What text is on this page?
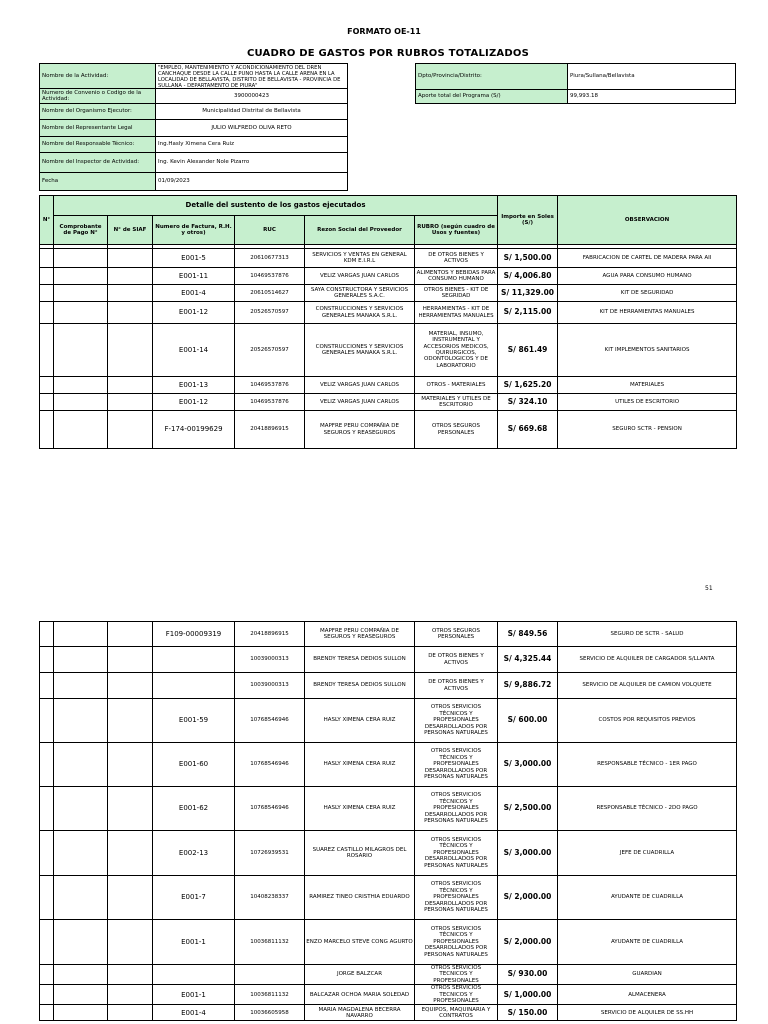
FORMATO OE-11
CUADRO DE GASTOS POR RUBROS TOTALIZADOS
Nombre de la Actividad:
"EMPLEO, MANTENIMIENTO Y ACONDICIONAMIENTO DEL DREN CANCHAQUE DESDE LA CALLE PUNO HASTA LA CALLE ARENA EN LA LOCALIDAD DE BELLAVISTA, DISTRITO DE BELLAVISTA - PROVINCIA DE SULLANA - DEPARTAMENTO DE PIURA"
Numero de Convenio o Codigo de la Actividad:
3900000423
Nombre del Organismo Ejecutor:	Municipalidad Distrital de Bellavista
Nombre del Representante Legal	JULIO WILFREDO OLIVA RETO
Nombre del Responsable Técnico:	Ing.Hasly Ximena Cera Ruiz
Nombre del Inspector de Actividad:	Ing. Kevin Alexander Nole Pizarro
Fecha	01/09/2023
Dpto/Provincia/Distrito:	Piura/Sullana/Bellavista
Aporte total del Programa (S/)	99,993.18
N°	Detalle del sustento de los gastos ejecutados						Importe en Soles (S/)	OBSERVACION
	Comprobante de Pago N°	N° de SIAF	Numero de Factura, R.H. y otros)	RUC	Rezon Social del Proveedor	RUBRO (según cuadro de Usos y fuentes)		

			E001-5	20610677313	SERVICIOS Y VENTAS EN GENERAL KDM E.I.R.L	DE OTROS BIENES Y ACTIVOS	S/ 1,500.00	FABRICACION DE CARTEL DE MADERA PARA AII
			E001-11	10469537876	VELIZ VARGAS JUAN CARLOS	ALIMENTOS Y BEBIDAS PARA CONSUMO HUMANO	S/ 4,006.80	AGUA PARA CONSUMO HUMANO
			E001-4	20610514627	SAYA CONSTRUCTORA Y SERVICIOS GENERALES S.A.C.	OTROS BIENES - KIT DE SEGRIDAD	S/ 11,329.00	KIT DE SEGURIDAD
			E001-12	20526570597	CONSTRUCCIONES Y SERVICIOS GENERALES MANAKA S.R.L.	HERRAMIENTAS - KIT DE HERRAMIENTAS MANUALES	S/ 2,115.00	KIT DE HERRAMIENTAS MANUALES
			E001-14	20526570597	CONSTRUCCIONES Y SERVICIOS GENERALES MANAKA S.R.L.	MATERIAL, INSUMO, INSTRUMENTAL Y ACCESORIOS MEDICOS, QUIRURGICOS, ODONTOLOGICOS Y DE LABORATORIO	S/ 861.49	KIT IMPLEMENTOS SANITARIOS
			E001-13	10469537876	VELIZ VARGAS JUAN CARLOS	OTROS - MATERIALES	S/ 1,625.20	MATERIALES
			E001-12	10469537876	VELIZ VARGAS JUAN CARLOS	MATERIALES Y UTILES DE ESCRITORIO	S/ 324.10	UTILES DE ESCRITORIO
			F-174-00199629	20418896915	MAPFRE PERU COMPAÑIA DE SEGUROS Y REASEGUROS	OTROS SEGUROS PERSONALES	S/ 669.68	SEGURO SCTR - PENSION
51
			F109-00009319	20418896915	MAPFRE PERU COMPAÑIA DE SEGUROS Y REASEGUROS	OTROS SEGUROS PERSONALES	S/ 849.56	SEGURO DE SCTR - SALUD
				10039000313	BRENDY TERESA DEDIOS SULLON	DE OTROS BIENES Y ACTIVOS	S/ 4,325.44	SERVICIO DE ALQUILER DE CARGADOR S/LLANTA
				10039000313	BRENDY TERESA DEDIOS SULLON	DE OTROS BIENES Y ACTIVOS	S/ 9,886.72	SERVICIO DE ALQUILER DE CAMION VOLQUETE
			E001-59	10768546946	HASLY XIMENA CERA RUIZ	OTROS SERVICIOS TÉCNICOS Y PROFESIONALES DESARROLLADOS POR PERSONAS NATURALES	S/ 600.00	COSTOS POR REQUISITOS PREVIOS
			E001-60	10768546946	HASLY XIMENA CERA RUIZ	OTROS SERVICIOS TÉCNICOS Y PROFESIONALES DESARROLLADOS POR PERSONAS NATURALES	S/ 3,000.00	RESPONSABLE TÉCNICO - 1ER PAGO
			E001-62	10768546946	HASLY XIMENA CERA RUIZ	OTROS SERVICIOS TÉCNICOS Y PROFESIONALES DESARROLLADOS POR PERSONAS NATURALES	S/ 2,500.00	RESPONSABLE TÉCNICO - 2DO PAGO
			E002-13	10726939531	SUAREZ CASTILLO MILAGROS DEL ROSARIO	OTROS SERVICIOS TÉCNICOS Y PROFESIONALES DESARROLLADOS POR PERSONAS NATURALES	S/ 3,000.00	JEFE DE CUADRILLA
			E001-7	10408238337	RAMIREZ TINEO CRISTHIA EDUARDO	OTROS SERVICIOS TÉCNICOS Y PROFESIONALES DESARROLLADOS POR PERSONAS NATURALES	S/ 2,000.00	AYUDANTE DE CUADRILLA
			E001-1	10036811132	ENZO MARCELO STEVE CONG AGURTO	OTROS SERVICIOS TÉCNICOS Y PROFESIONALES DESARROLLADOS POR PERSONAS NATURALES	S/ 2,000.00	AYUDANTE DE CUADRILLA
					JORGE BALZCAR	OTROS SERVICIOS TECNICOS Y PROFESIONALES	S/ 930.00	GUARDIAN
			E001-1	10036811132	BALCAZAR OCHOA MARIA SOLEDAD	OTROS SERVICIOS TECNICOS Y PROFESIONALES	S/ 1,000.00	ALMACENERA
			E001-4	10036605958	MARIA MAGDALENA BECERRA NAVARRO	EQUIPOS, MAQUINARIA Y CONTRATOS	S/ 150.00	SERVICIO DE ALQUILER DE SS.HH
